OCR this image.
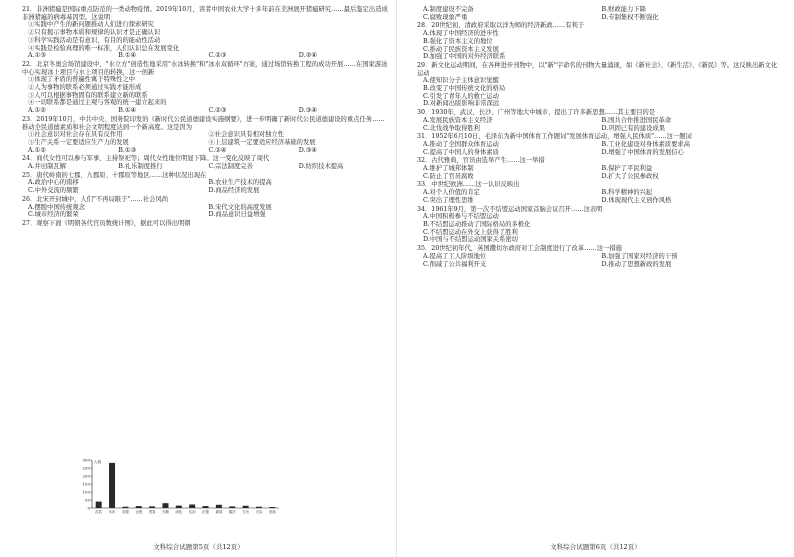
21．非洲猪瘟是国际重点防范的一类动物疫情。2019年10月，读者中国农业大学十多年前在美洲展开猪瘟研究……最后鉴定出造成非洲猪瘟的病毒基因型。这说明
①实践中产生的新问题推动人们进行探索研究
②只有揭示事物本质和规律的认识才是正确认识
③科学实践活动是有意识、有目的的能动性活动
④实践是检验真理的唯一标准，人们认识总在发展变化
A.①③	B.①④	C.②③	D.②④
22．北京冬奥会场馆建设中，"水立方"创造性地采用"水冰转换"和"冰水双循环"方案，通过场馆转换工程的成功开展……在国家游泳中心实现冰上项目与水上项目的转换，这一创新
①体现了矛盾的普遍性寓于特殊性之中
②人为事物的联系必须通过实践才能形成
③人可以根据事物固有的联系建立新的联系
④一切联系都是通过主观与客观的统一建立起来的
A.①②	B.①④	C.②③	D.③④
23．2019年10月，中共中央、国务院印发的《新时代公民道德建设实施纲要》，进一步明确了新时代公民道德建设的重点任务……推动全民道德素质和社会文明程度达到一个新高度。这是因为
①社会意识对社会存在具有反作用	②社会意识具有相对独立性
③生产关系一定要适应生产力的发展	④上层建筑一定要适应经济基础的发展
A.①②	B.①③	C.②④	D.③④
24．商代女性可以参与军事、主持祭祀等；周代女性地位明显下降。这一变化反映了周代
A.井田制瓦解	B.礼乐制度推行	C.宗法制度完善	D.纺织技术提高
25．唐代岭南的七郡、九郡原、十郡原等地区……这种状况出现在
A.政治中心的南移	B.农业生产技术的提高
C.中外交流的频繁	D.商品经济的发展
26．北宋开封城中，人们"不再局限于"……社会风尚
A.摆脱中国传统观念	B.宋代文化的高度发展
C.城市经济的繁荣	D.商品意识日益增强
27．观察下面《明朝各代官员数统计图》，据此可以得出明朝
0
50
100
150
200
250
300
洪武 永乐 宣德 正统 景泰 天顺 成化 弘治 正德 嘉靖 隆庆 万历 天启 崇祯
人数
文科综合试题第5页（共12页）
A.制度建设不完备	B.财政能力下降
C.腐败现象严重	D.专制集权不断强化
28．20世纪初，清政府采取以洋为师的经济新政……有利于
A.体现了中国经济的进步性
B.强化了资本主义的地位
C.推动了民族资本主义发展
D.加强了中国的对外经济联系
29．新文化运动期间，在各种进步刊物中，以"新"字命名的刊物大量涌现，如《新社会》、《新生活》、《新民》等。这反映出新文化运动
A.使知识分子主体意识觉醒
B.改变了中国传统文化的格局
C.引发了青年人的救亡运动
D.对新闻出版影响非常深远
30．1930年，武汉、长沙、广州等地大中城市，提出了许多新思想……其主要目的是
A.发展民族资本主义经济	B.国共合作推进国民革命
C.北伐战争取得胜利	D.巩固已有的建设成果
31．1952年6月10日，毛泽东为新中国体育工作题词"发展体育运动，增强人民体质"……这一题词
A.推动了全国群众体育运动	B.工业化建设对身体素质要求高
C.提高了中国人的身体素质	D.增强了中国体育的发展信心
32．古代雅典，官员由选举产生……这一举措
A.维护了城邦体制	B.保护了平民利益
C.防止了官员腐败	D.扩大了公民参政权
33．中世纪欧洲……这一认识反映出
A.对个人价值的肯定	B.科学精神的兴起
C.突出了理性思维	D.体现现代主义创作风格
34．1961年9月，第一次不结盟运动国家首脑会议召开……这表明
A.中国积极参与不结盟运动
B.不结盟运动推动了国际格局的多极化
C.不结盟运动在外交上获得了胜利
D.中国与不结盟运动国家关系密切
35．20世纪初年代，英国撒切尔政府对工会制度进行了改革……这一措施
A.提高了工人阶级地位	B.加强了国家对经济的干预
C.削减了公共福利开支	D.推动了思想新政的发展
文科综合试题第6页（共12页）
